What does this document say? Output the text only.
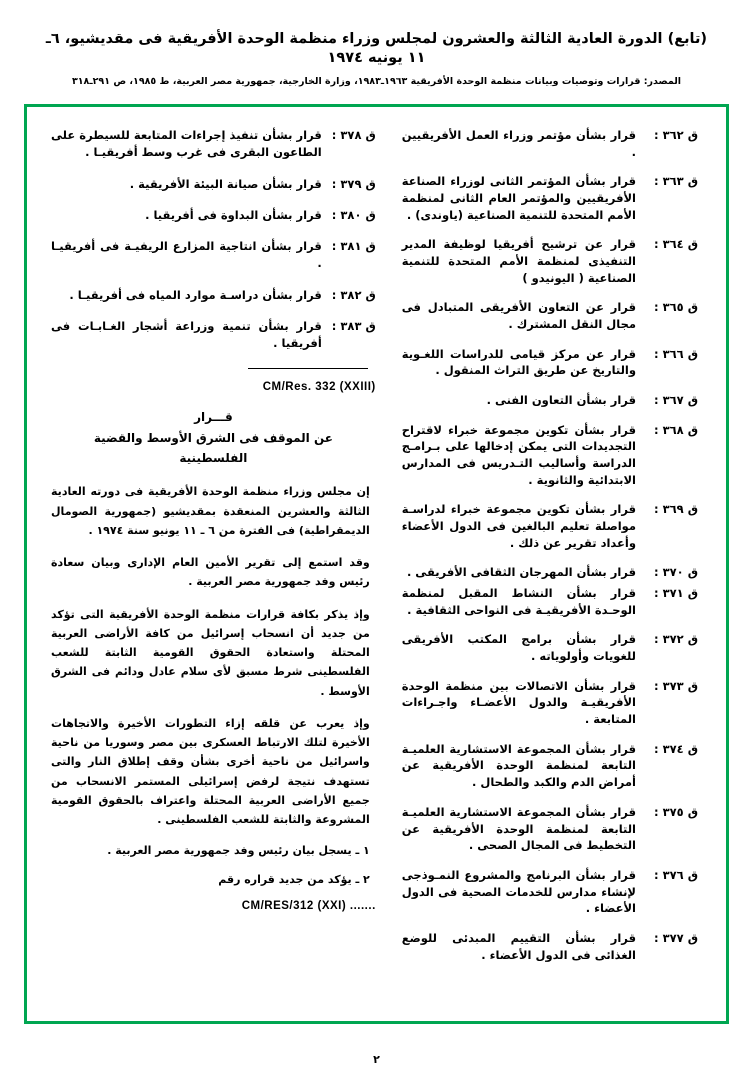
(تابع) الدورة العادية الثالثة والعشرون لمجلس وزراء منظمة الوحدة الأفريقية فى مقديشيو، ٦ـ ١١ يونيه ١٩٧٤
المصدر: قرارات وتوصيات وبيانات منظمة الوحدة الأفريقية ١٩٦٣ـ١٩٨٣، وزارة الخارجية، جمهورية مصر العربية، ط ١٩٨٥، ص ٢٩١ـ٣١٨
ق ٣٦٢ :
قرار بشأن مؤتمر وزراء العمل الأفريقيين .
ق ٣٦٣ :
قرار بشأن المؤتمر الثانى لوزراء الصناعة الأفريقيين والمؤتمر العام الثانى لمنظمة الأمم المتحدة للتنمية الصناعية (ياوندى) .
ق ٣٦٤ :
قرار عن ترشيح أفريقيا لوظيفة المدير التنفيذى لمنظمة الأمم المتحدة للتنمية الصناعية ( اليونيدو )
ق ٣٦٥ :
قرار عن التعاون الأفريقى المتبادل فى مجال النقل المشترك .
ق ٣٦٦ :
قرار عن مركز قيامى للدراسات اللغـوية والتاريخ عن طريق التراث المنقول .
ق ٣٦٧ :
قرار بشأن التعاون الفنى .
ق ٣٦٨ :
قرار بشأن تكوين مجموعة خبراء لاقتراح التجديدات التى يمكن إدخالها على بـرامـج الدراسة وأساليب التـدريس فى المدارس الابتدائية والثانوية .
ق ٣٦٩ :
قرار بشأن تكوين مجموعة خبراء لدراسـة مواصلة تعليم البالغين فى الدول الأعضاء وأعداد تقرير عن ذلك .
ق ٣٧٠ :
قرار بشأن المهرجان الثقافى الأفريقى .
ق ٣٧١ :
قرار بشأن النشاط المقبل لمنظمة الوحـدة الأفريقيـة فى النواحى الثقافية .
ق ٣٧٢ :
قرار بشأن برامج المكتب الأفريقى للغويات وأولوياته .
ق ٣٧٣ :
قرار بشأن الاتصالات بين منظمة الوحدة الأفريقيـة والدول الأعضـاء واجـراءات المتابعة .
ق ٣٧٤ :
قرار بشأن المجموعة الاستشارية العلميـة التابعة لمنظمة الوحدة الأفريقية عن أمراض الدم والكبد والطحال .
ق ٣٧٥ :
قرار بشأن المجموعة الاستشارية العلميـة التابعة لمنظمة الوحدة الأفريقية عن التخطيط فى المجال الصحى .
ق ٣٧٦ :
قرار بشأن البرنامج والمشروع النمـوذجى لإنشاء مدارس للخدمات الصحية فى الدول الأعضاء .
ق ٣٧٧ :
قرار بشأن التقييم المبدئى للوضع الغذائى فى الدول الأعضاء .
ق ٣٧٨ :
قرار بشأن تنفيذ إجراءات المتابعة للسيطرة على الطاعون البقرى فى غرب وسط أفريقيـا .
ق ٣٧٩ :
قرار بشأن صيانة البيئة الأفريقية .
ق ٣٨٠ :
قرار بشأن البداوة فى أفريقيا .
ق ٣٨١ :
قرار بشأن انتاجية المزارع الريفيـة فى أفريقيـا .
ق ٣٨٢ :
قرار بشأن دراسـة موارد المياه فى أفريقيـا .
ق ٣٨٣ :
قرار بشأن تنمية وزراعة أشجار الغـابـات فى أفريقيا .
CM/Res. 332 (XXIII)
قـــرار
عن الموقف فى الشرق الأوسط والقضية
الفلسطينية
إن مجلس وزراء منظمة الوحدة الأفريقية فى دورته العادية الثالثة والعشرين المنعقدة بمقديشيو (جمهورية الصومال الديمقراطية) فى الفترة من ٦ ـ ١١ يونيو سنة ١٩٧٤ .
وقد استمع إلى تقرير الأمين العام الإدارى وبيان سعادة رئيس وفد جمهورية مصر العربية .
وإذ يذكر بكافة قرارات منظمة الوحدة الأفريقية التى تؤكد من جديد أن انسحاب إسرائيل من كافة الأراضى العربية المحتلة واستعادة الحقوق القومية الثابتة للشعب الفلسطينى شرط مسبق لأى سلام عادل ودائم فى الشرق الأوسط .
وإذ يعرب عن قلقه إزاء التطورات الأخيرة والاتجاهات الأخيرة لتلك الارتباط العسكرى بين مصر وسوريا من ناحية واسرائيل من ناحية أخرى بشأن وقف إطلاق النار والتى تستهدف نتيجة لرفض إسرائيلى المستمر الانسحاب من جميع الأراضى العربية المحتلة واعتراف بالحقوق القومية المشروعة والثابتة للشعب الفلسطينى .
١ ـ يسجل بيان رئيس وفد جمهورية مصر العربية .
٢ ـ يؤكد من جديد قراره رقم
CM/RES/312 (XXI) .......
٢
